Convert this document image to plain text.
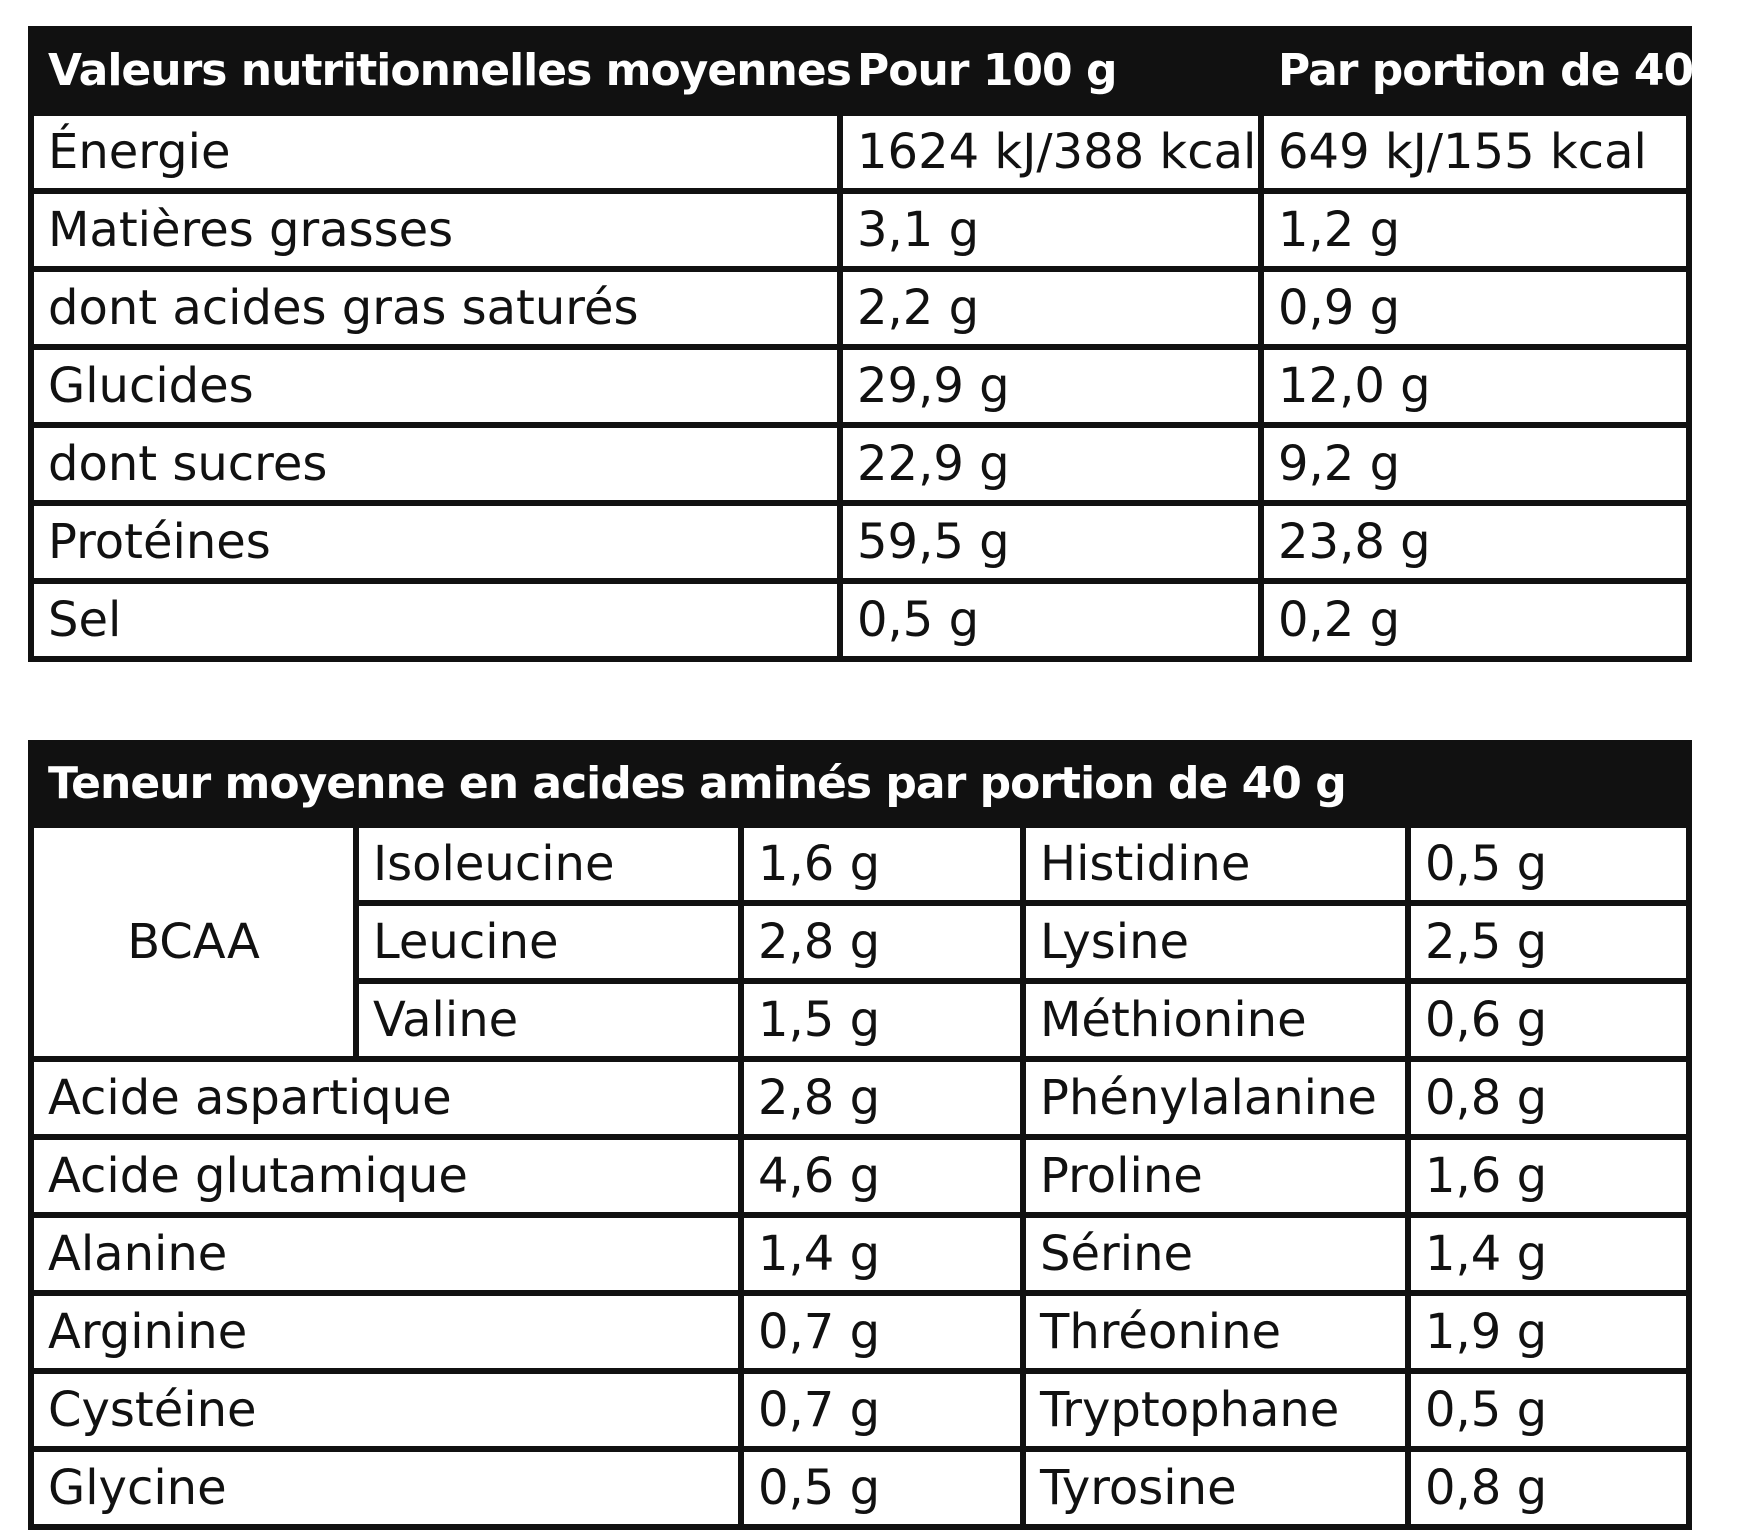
Valeurs nutritionnelles moyennes	Pour 100 g	Par portion de 40 g
Énergie	1624 kJ/388 kcal	649 kJ/155 kcal
Matières grasses	3,1 g	1,2 g
dont acides gras saturés	2,2 g	0,9 g
Glucides	29,9 g	12,0 g
dont sucres	22,9 g	9,2 g
Protéines	59,5 g	23,8 g
Sel	0,5 g	0,2 g
Teneur moyenne en acides aminés par portion de 40 g				
BCAA	Isoleucine	1,6 g	Histidine	0,5 g
	Leucine	2,8 g	Lysine	2,5 g
	Valine	1,5 g	Méthionine	0,6 g
Acide aspartique		2,8 g	Phénylalanine	0,8 g
Acide glutamique		4,6 g	Proline	1,6 g
Alanine		1,4 g	Sérine	1,4 g
Arginine		0,7 g	Thréonine	1,9 g
Cystéine		0,7 g	Tryptophane	0,5 g
Glycine		0,5 g	Tyrosine	0,8 g
